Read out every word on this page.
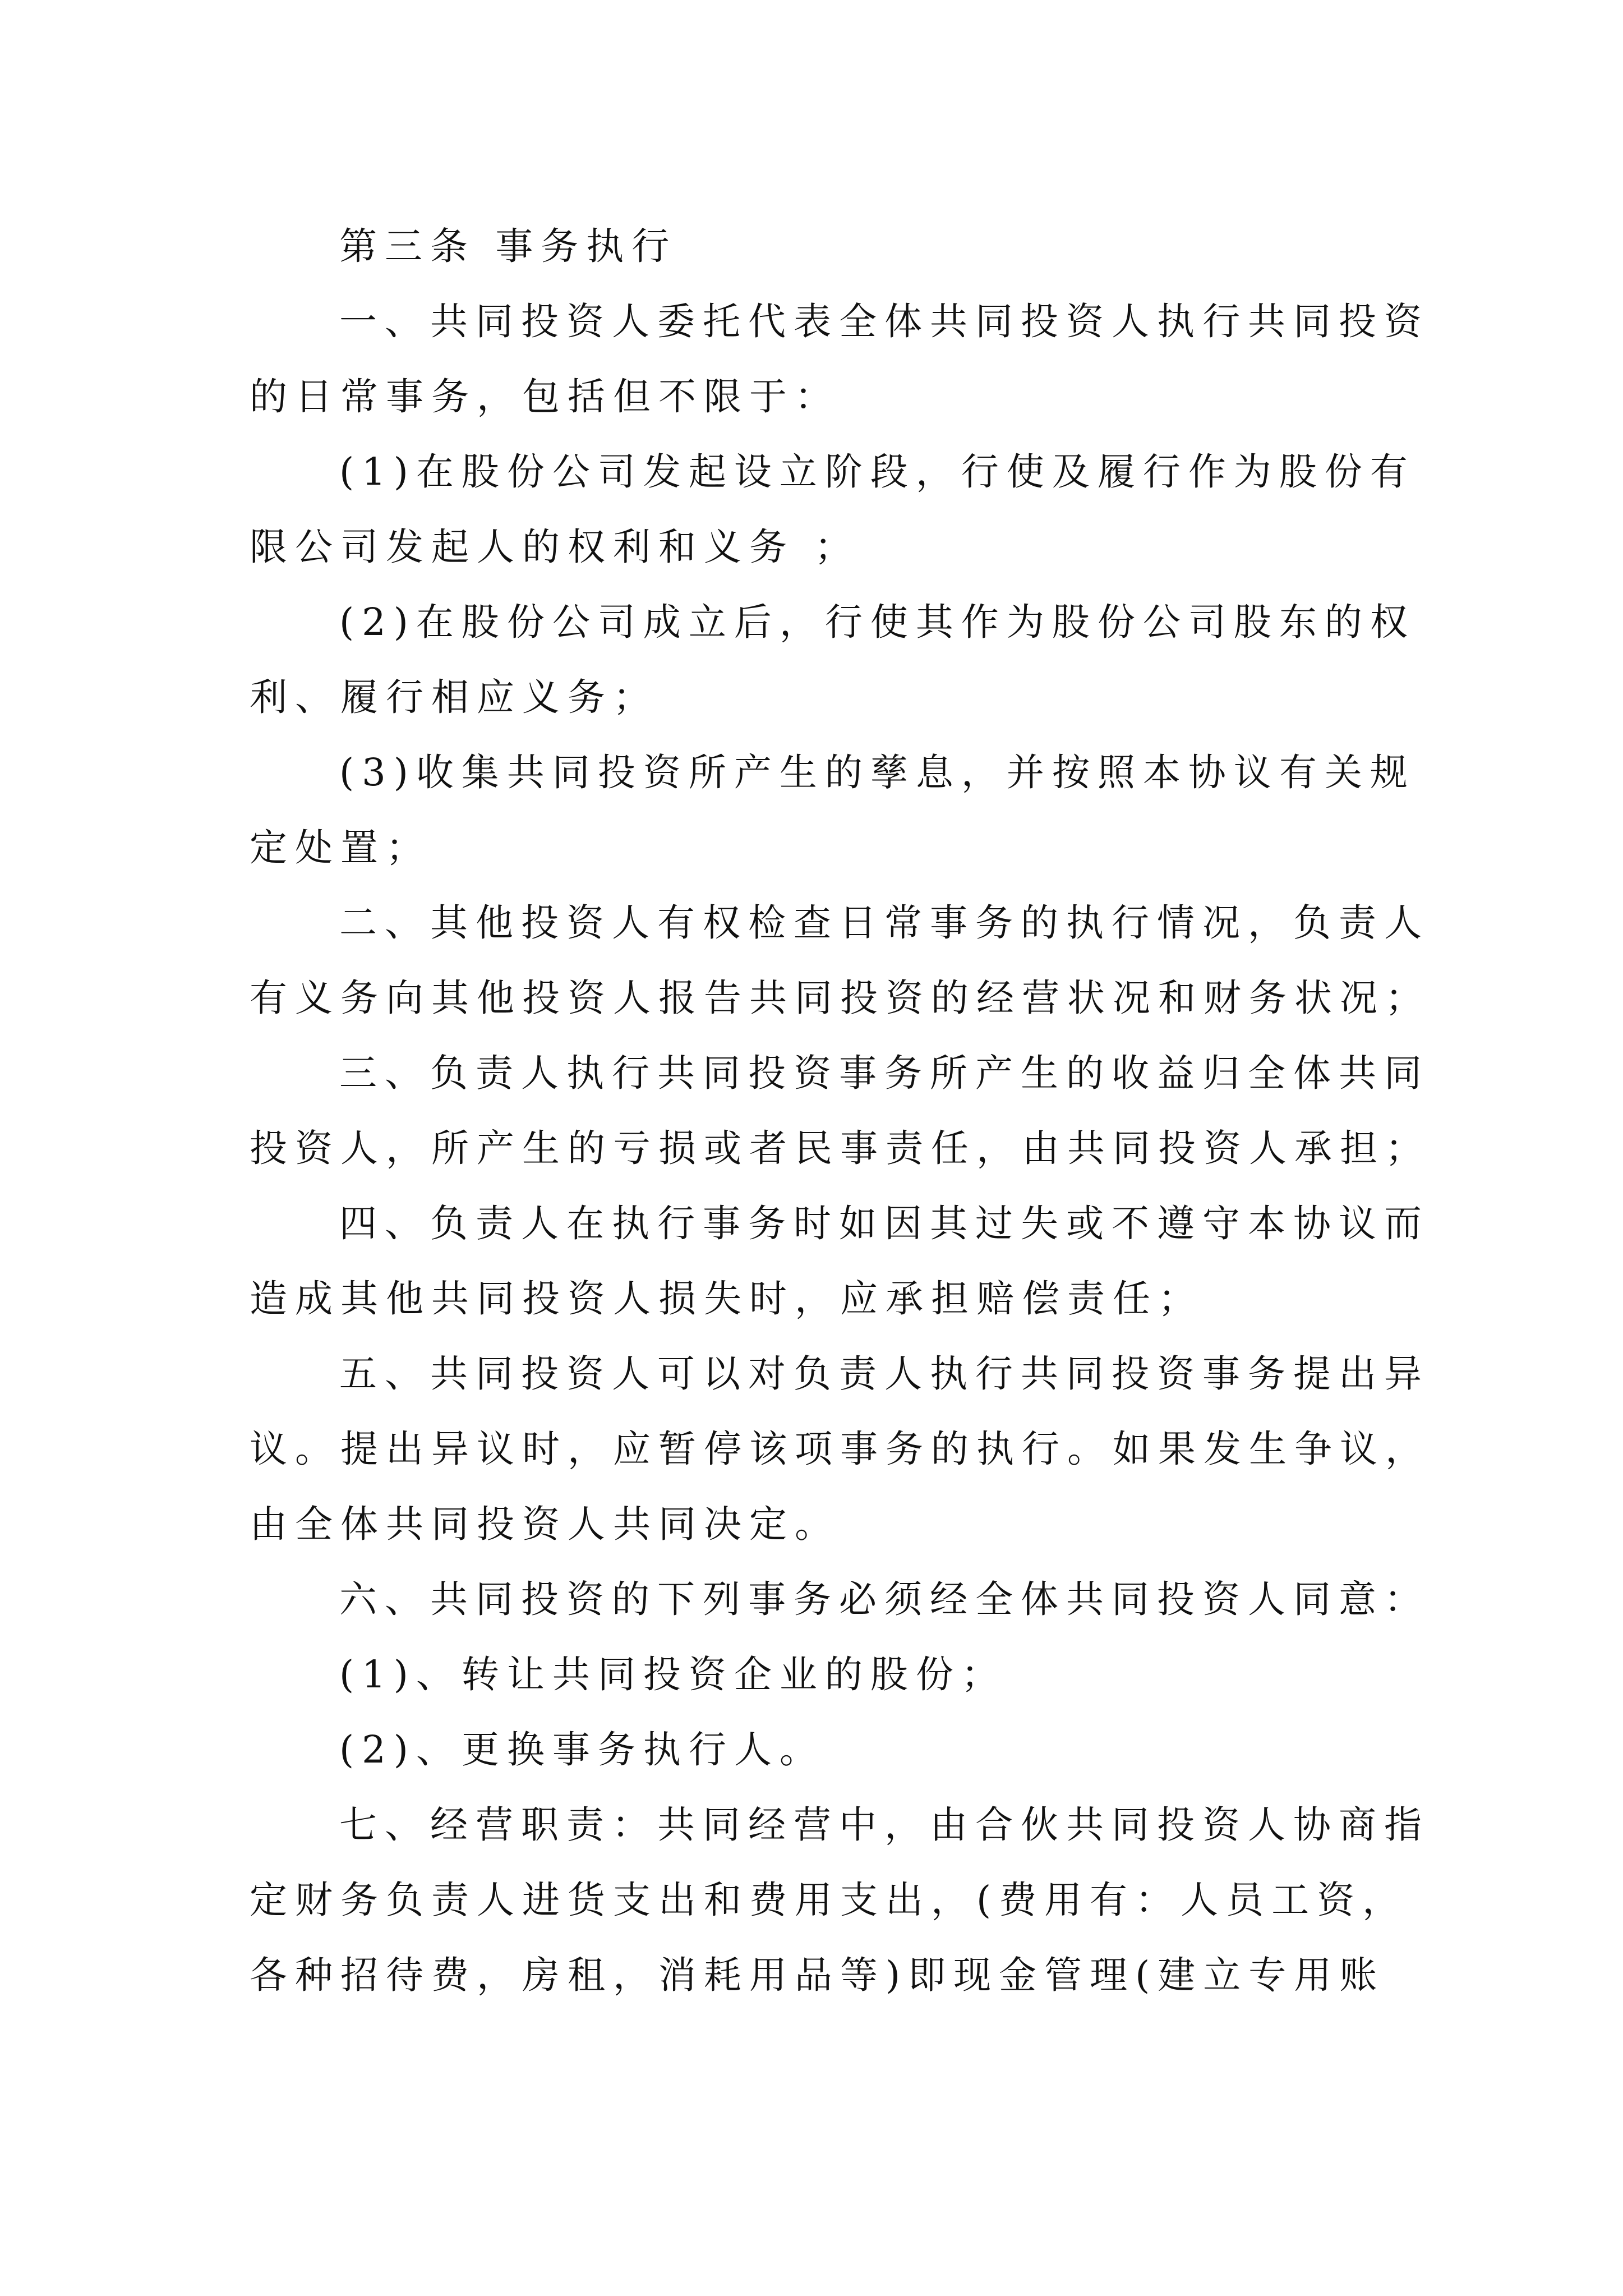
第三条 事务执行
一、共同投资人委托代表全体共同投资人执行共同投资
的日常事务，包括但不限于：
(1)在股份公司发起设立阶段，行使及履行作为股份有
限公司发起人的权利和义务 ；
(2)在股份公司成立后，行使其作为股份公司股东的权
利、履行相应义务；
(3)收集共同投资所产生的孳息，并按照本协议有关规
定处置；
二、其他投资人有权检查日常事务的执行情况，负责人
有义务向其他投资人报告共同投资的经营状况和财务状况；
三、负责人执行共同投资事务所产生的收益归全体共同
投资人，所产生的亏损或者民事责任，由共同投资人承担；
四、负责人在执行事务时如因其过失或不遵守本协议而
造成其他共同投资人损失时，应承担赔偿责任；
五、共同投资人可以对负责人执行共同投资事务提出异
议。提出异议时，应暂停该项事务的执行。如果发生争议，
由全体共同投资人共同决定。
六、共同投资的下列事务必须经全体共同投资人同意：
(1)、转让共同投资企业的股份；
(2)、更换事务执行人。
七、经营职责：共同经营中，由合伙共同投资人协商指
定财务负责人进货支出和费用支出，(费用有：人员工资，
各种招待费，房租，消耗用品等)即现金管理(建立专用账
